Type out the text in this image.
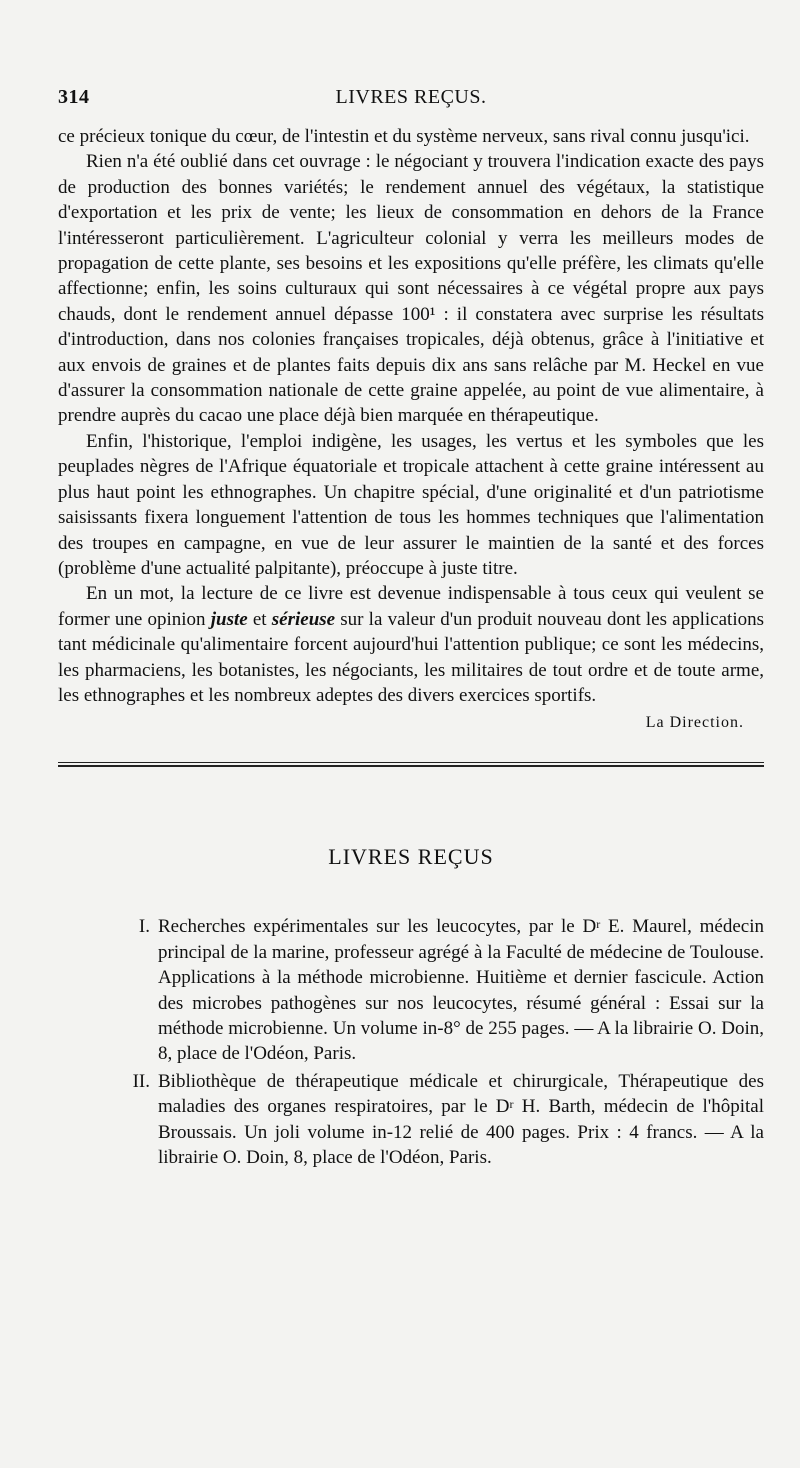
314	LIVRES REÇUS.

ce précieux tonique du cœur, de l'intestin et du système nerveux, sans rival connu jusqu'ici.

Rien n'a été oublié dans cet ouvrage : le négociant y trouvera l'indication exacte des pays de production des bonnes variétés; le rendement annuel des végétaux, la statistique d'exportation et les prix de vente; les lieux de consommation en dehors de la France l'intéresseront particulièrement. L'agriculteur colonial y verra les meilleurs modes de propagation de cette plante, ses besoins et les expositions qu'elle préfère, les climats qu'elle affectionne; enfin, les soins culturaux qui sont nécessaires à ce végétal propre aux pays chauds, dont le rendement annuel dépasse 100¹ : il constatera avec surprise les résultats d'introduction, dans nos colonies françaises tropicales, déjà obtenus, grâce à l'initiative et aux envois de graines et de plantes faits depuis dix ans sans relâche par M. Heckel en vue d'assurer la consommation nationale de cette graine appelée, au point de vue alimentaire, à prendre auprès du cacao une place déjà bien marquée en thérapeutique.

Enfin, l'historique, l'emploi indigène, les usages, les vertus et les symboles que les peuplades nègres de l'Afrique équatoriale et tropicale attachent à cette graine intéressent au plus haut point les ethnographes. Un chapitre spécial, d'une originalité et d'un patriotisme saisissants fixera longuement l'attention de tous les hommes techniques que l'alimentation des troupes en campagne, en vue de leur assurer le maintien de la santé et des forces (problème d'une actualité palpitante), préoccupe à juste titre.

En un mot, la lecture de ce livre est devenue indispensable à tous ceux qui veulent se former une opinion juste et sérieuse sur la valeur d'un produit nouveau dont les applications tant médicinale qu'alimentaire forcent aujourd'hui l'attention publique; ce sont les médecins, les pharmaciens, les botanistes, les négociants, les militaires de tout ordre et de toute arme, les ethnographes et les nombreux adeptes des divers exercices sportifs.

La Direction.
LIVRES REÇUS
I. Recherches expérimentales sur les leucocytes, par le $D^r$ E. Maurel, médecin principal de la marine, professeur agrégé à la Faculté de médecine de Toulouse. Applications à la méthode microbienne. Huitième et dernier fascicule. Action des microbes pathogènes sur nos leucocytes, résumé général : Essai sur la méthode microbienne. Un volume in-8° de 255 pages. — A la librairie O. Doin, 8, place de l'Odéon, Paris.
II. Bibliothèque de thérapeutique médicale et chirurgicale, Thérapeutique des maladies des organes respiratoires, par le $D^r$ H. Barth, médecin de l'hôpital Broussais. Un joli volume in-12 relié de 400 pages. Prix : 4 francs. — A la librairie O. Doin, 8, place de l'Odéon, Paris.
